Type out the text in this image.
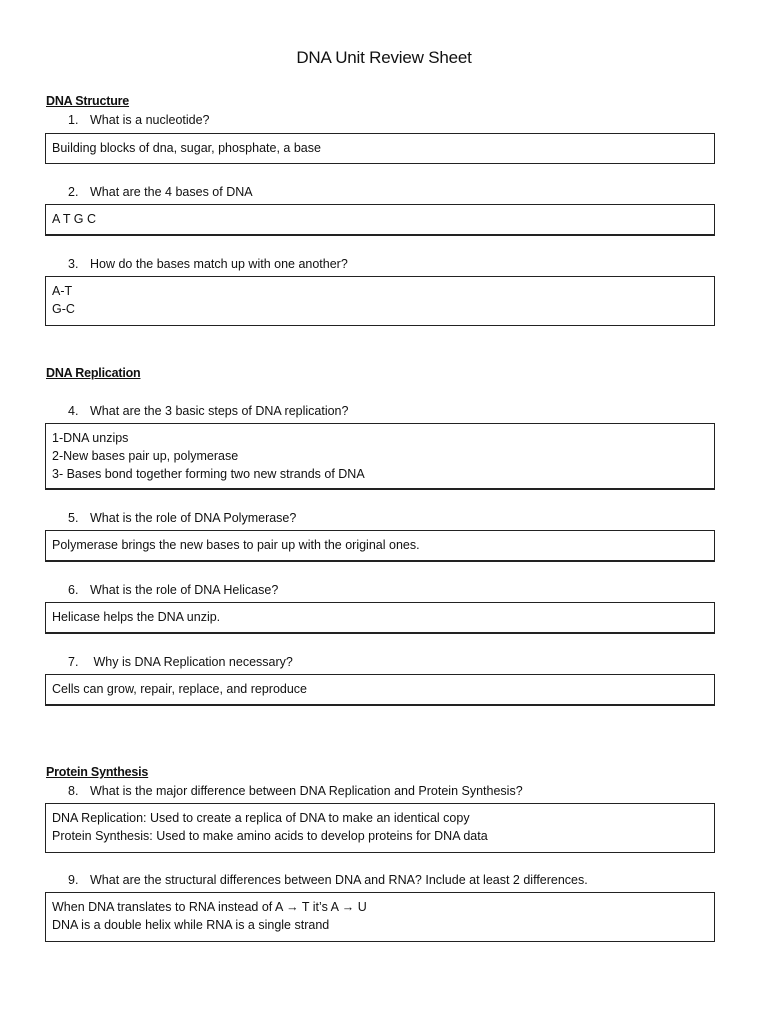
DNA Unit Review Sheet
DNA Structure
1. What is a nucleotide?
Building blocks of dna, sugar, phosphate, a base
2. What are the 4 bases of DNA
A T G C
3. How do the bases match up with one another?
A-T
G-C
DNA Replication
4. What are the 3 basic steps of DNA replication?
1-DNA unzips
2-New bases pair up, polymerase
3- Bases bond together forming two new strands of DNA
5. What is the role of DNA Polymerase?
Polymerase brings the new bases to pair up with the original ones.
6. What is the role of DNA Helicase?
Helicase helps the DNA unzip.
7. Why is DNA Replication necessary?
Cells can grow, repair, replace, and reproduce
Protein Synthesis
8. What is the major difference between DNA Replication and Protein Synthesis?
DNA Replication: Used to create a replica of DNA to make an identical copy
Protein Synthesis: Used to make amino acids to develop proteins for DNA data
9. What are the structural differences between DNA and RNA? Include at least 2 differences.
When DNA translates to RNA instead of A → T it’s A → U
DNA is a double helix while RNA is a single strand
